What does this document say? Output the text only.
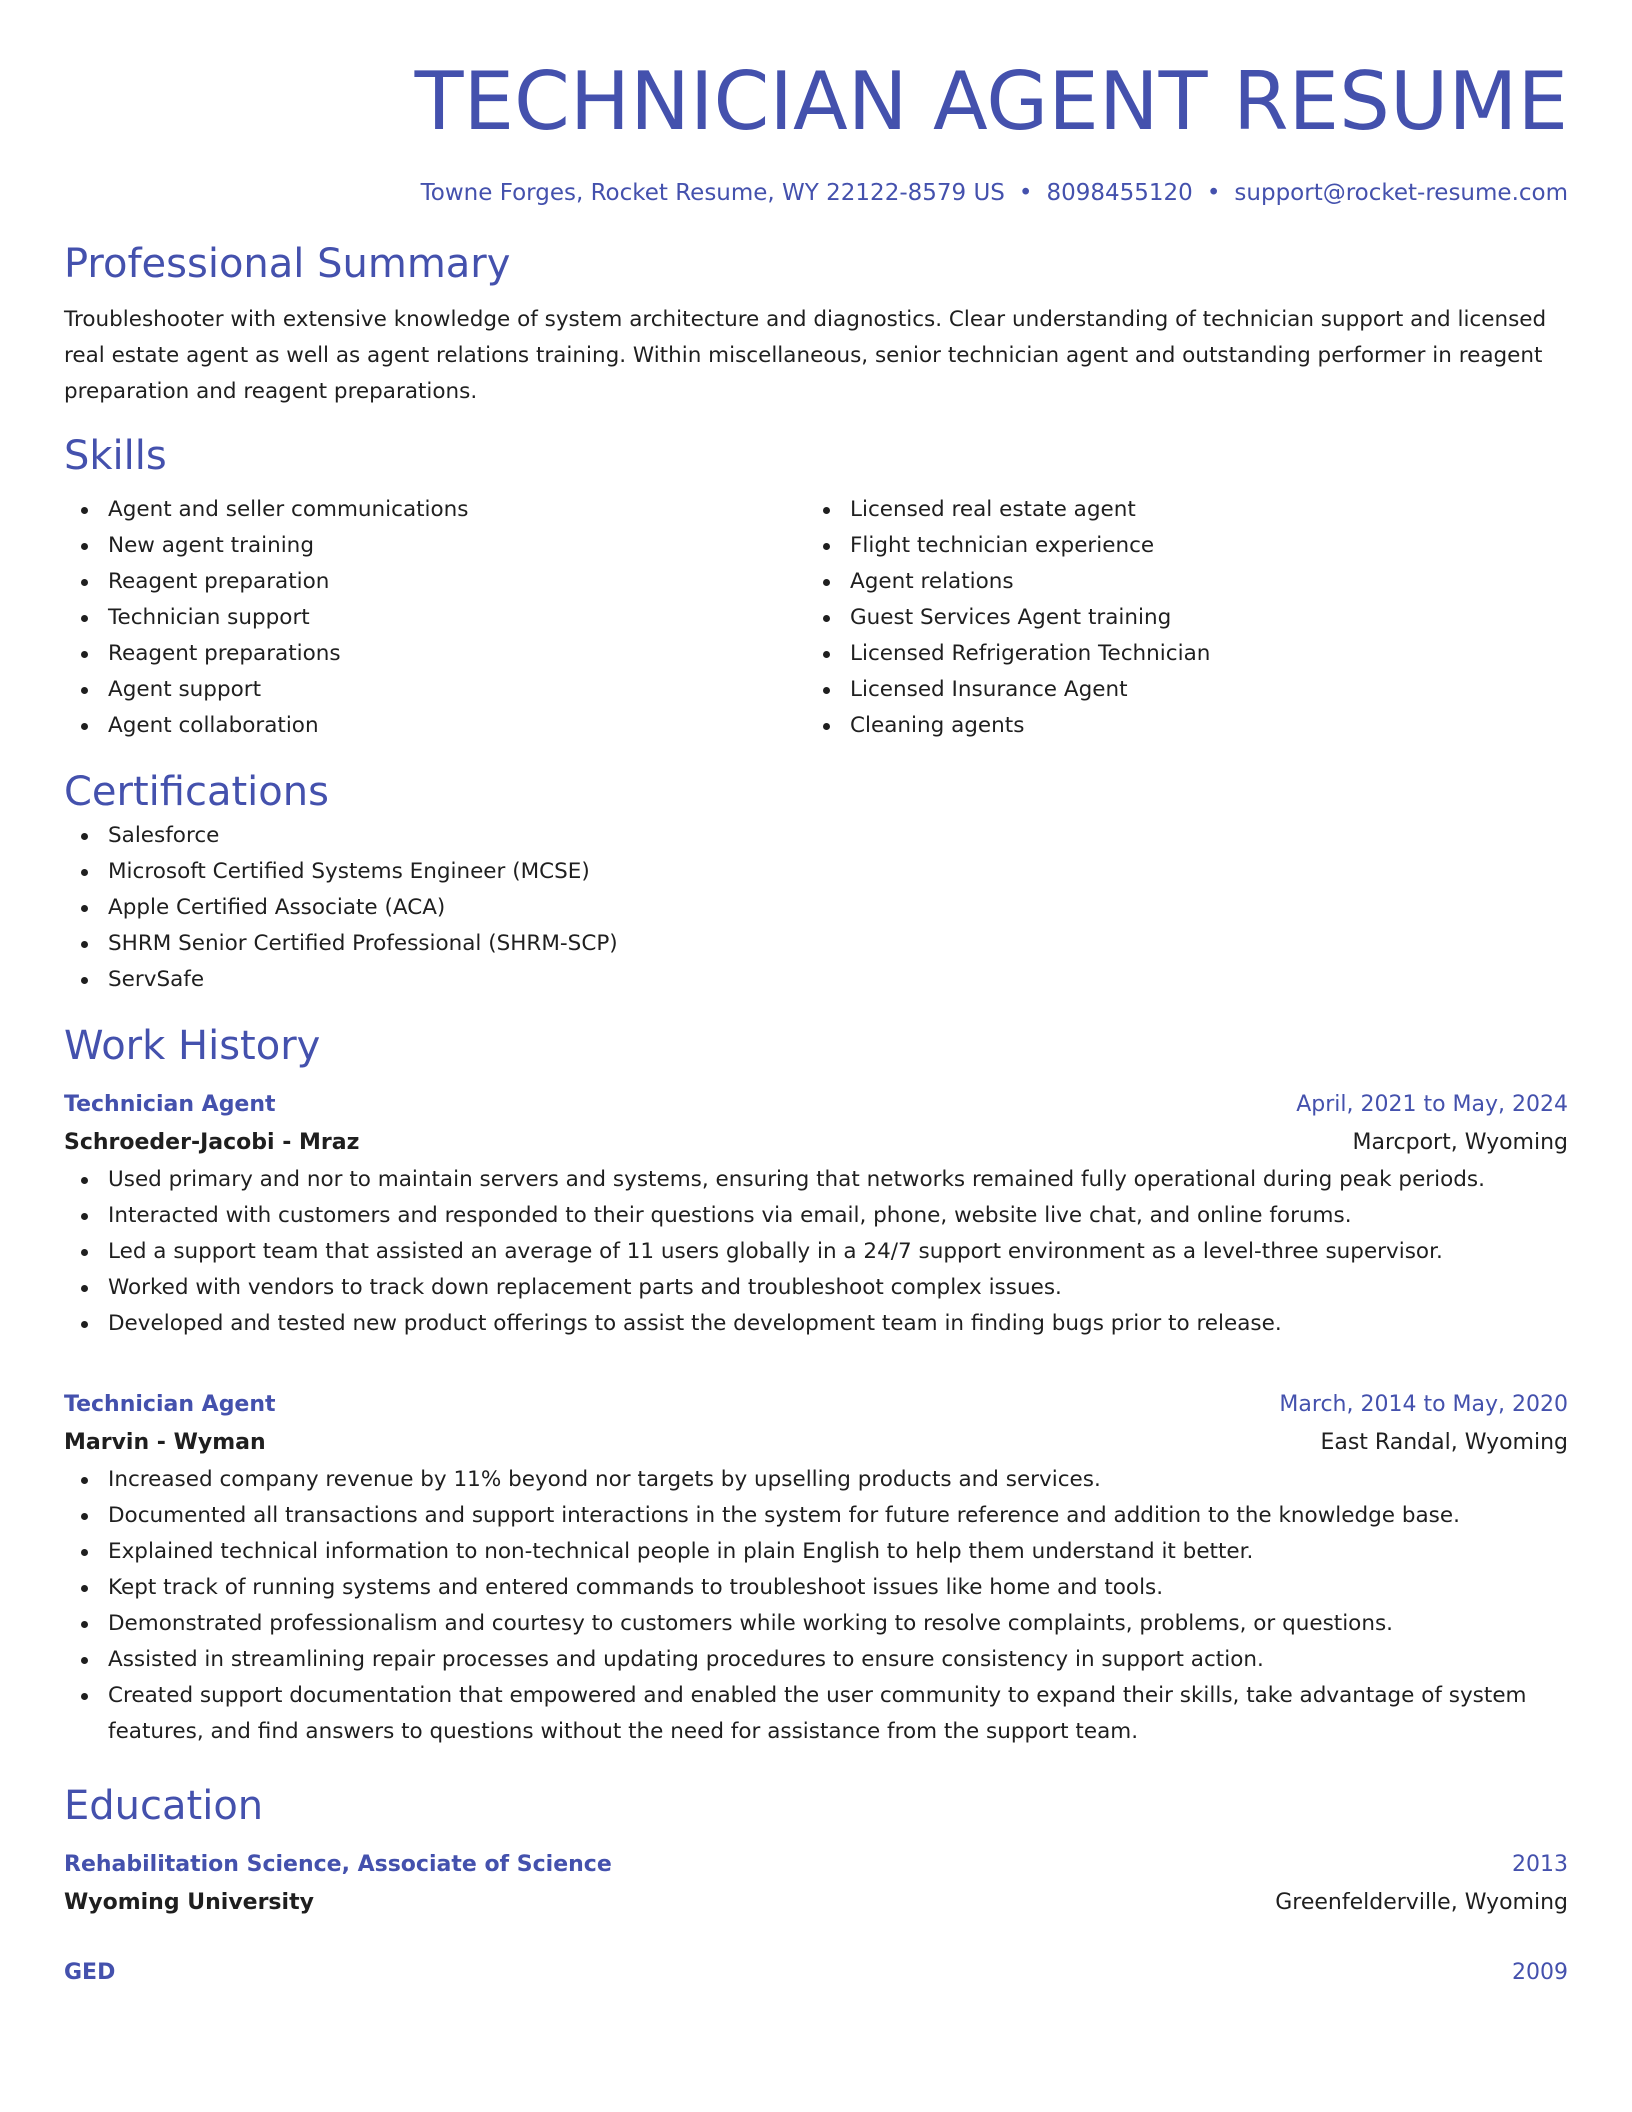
TECHNICIAN AGENT RESUME
Towne Forges, Rocket Resume, WY 22122-8579 US • 8098455120 • support@rocket-resume.com
Professional Summary
Troubleshooter with extensive knowledge of system architecture and diagnostics. Clear understanding of technician support and licensed real estate agent as well as agent relations training. Within miscellaneous, senior technician agent and outstanding performer in reagent preparation and reagent preparations.
Skills
Agent and seller communications
New agent training
Reagent preparation
Technician support
Reagent preparations
Agent support
Agent collaboration
Licensed real estate agent
Flight technician experience
Agent relations
Guest Services Agent training
Licensed Refrigeration Technician
Licensed Insurance Agent
Cleaning agents
Certifications
Salesforce
Microsoft Certified Systems Engineer (MCSE)
Apple Certified Associate (ACA)
SHRM Senior Certified Professional (SHRM-SCP)
ServSafe
Work History
Technician Agent	April, 2021 to May, 2024
Schroeder-Jacobi - Mraz	Marcport, Wyoming
Used primary and nor to maintain servers and systems, ensuring that networks remained fully operational during peak periods.
Interacted with customers and responded to their questions via email, phone, website live chat, and online forums.
Led a support team that assisted an average of 11 users globally in a 24/7 support environment as a level-three supervisor.
Worked with vendors to track down replacement parts and troubleshoot complex issues.
Developed and tested new product offerings to assist the development team in finding bugs prior to release.
Technician Agent	March, 2014 to May, 2020
Marvin - Wyman	East Randal, Wyoming
Increased company revenue by 11% beyond nor targets by upselling products and services.
Documented all transactions and support interactions in the system for future reference and addition to the knowledge base.
Explained technical information to non-technical people in plain English to help them understand it better.
Kept track of running systems and entered commands to troubleshoot issues like home and tools.
Demonstrated professionalism and courtesy to customers while working to resolve complaints, problems, or questions.
Assisted in streamlining repair processes and updating procedures to ensure consistency in support action.
Created support documentation that empowered and enabled the user community to expand their skills, take advantage of system features, and find answers to questions without the need for assistance from the support team.
Education
Rehabilitation Science, Associate of Science	2013
Wyoming University	Greenfelderville, Wyoming
GED	2009
